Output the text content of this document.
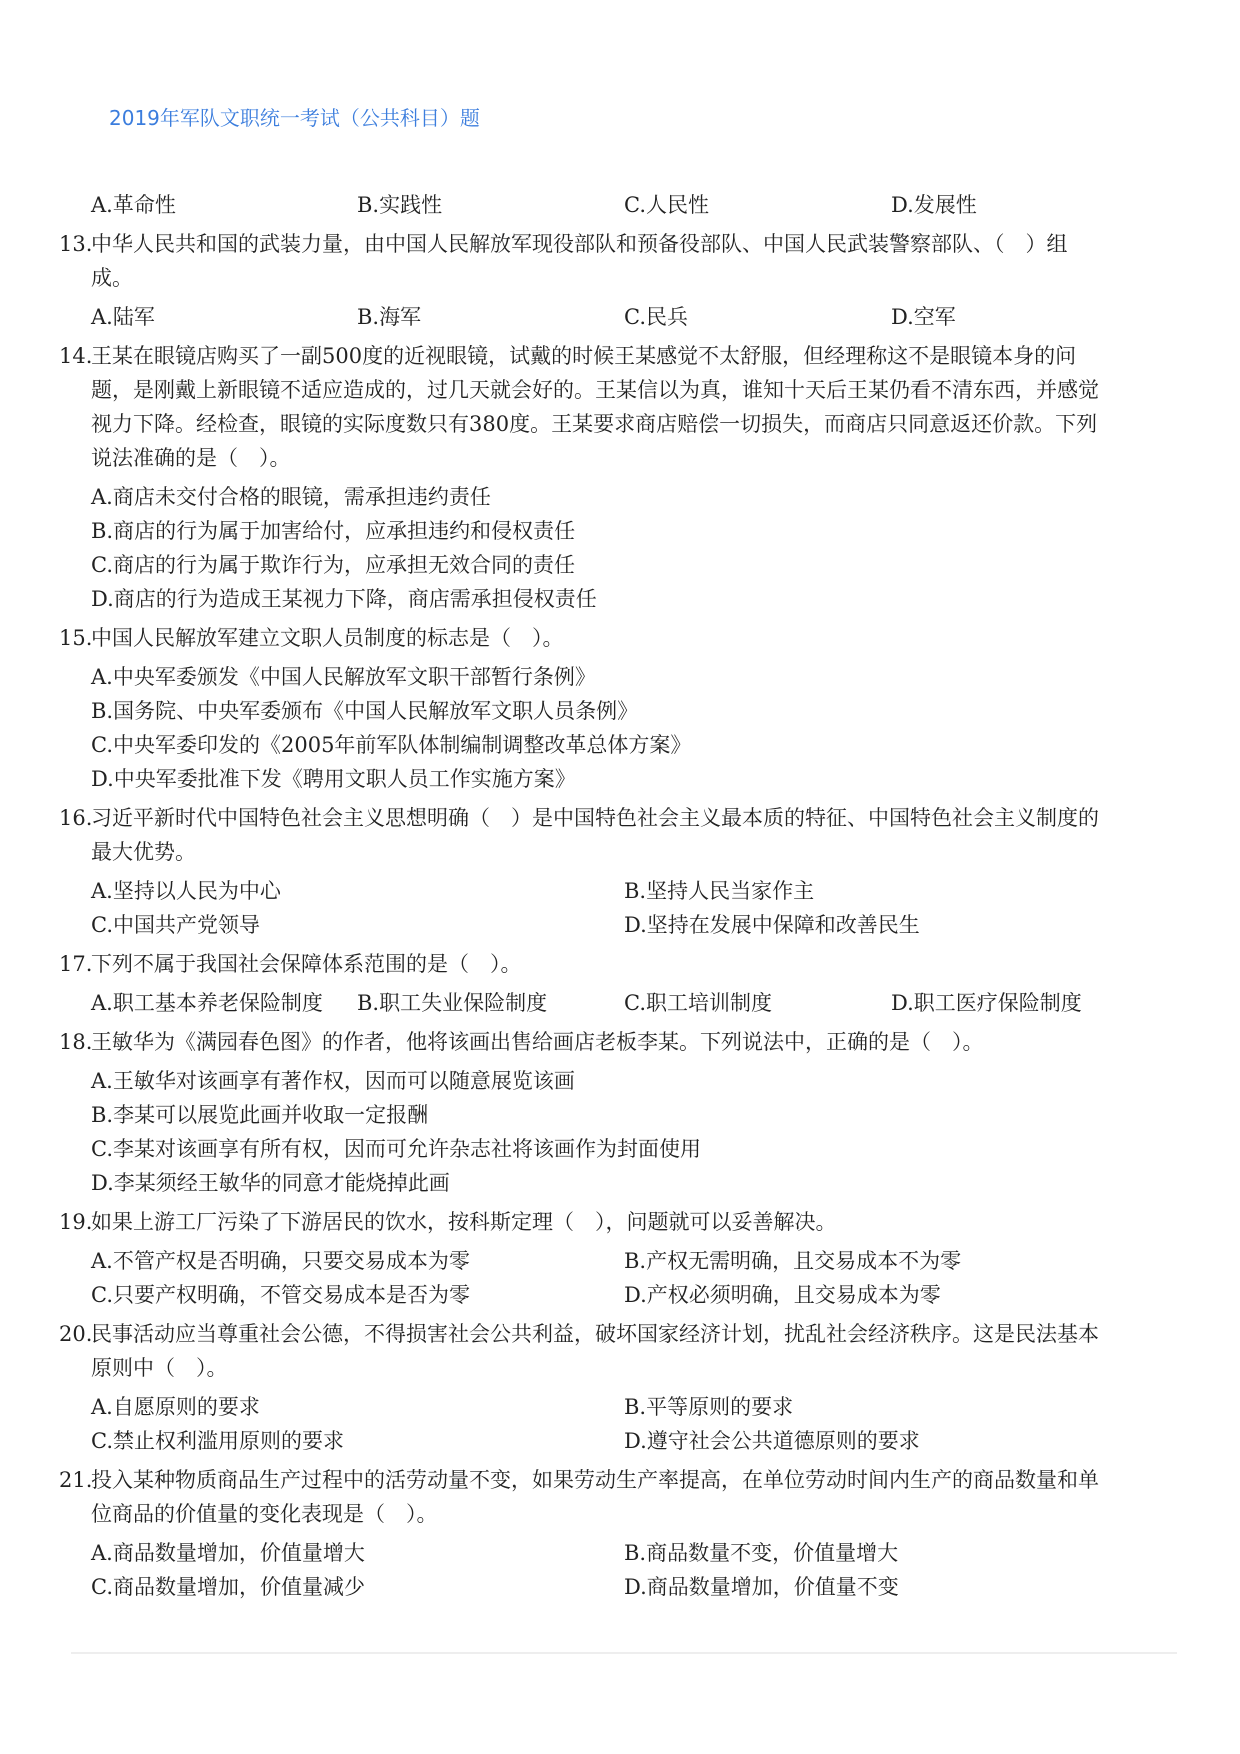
2019年军队文职统一考试（公共科目）题
A.革命性	B.实践性	C.人民性	D.发展性
13.
中华人民共和国的武装力量，由中国人民解放军现役部队和预备役部队、中国人民武装警察部队、（　）组
成。
A.陆军	B.海军	C.民兵	D.空军
14.
王某在眼镜店购买了一副500度的近视眼镜，试戴的时候王某感觉不太舒服，但经理称这不是眼镜本身的问
题，是刚戴上新眼镜不适应造成的，过几天就会好的。王某信以为真，谁知十天后王某仍看不清东西，并感觉
视力下降。经检查，眼镜的实际度数只有380度。王某要求商店赔偿一切损失，而商店只同意返还价款。下列
说法准确的是（　）。
A.商店未交付合格的眼镜，需承担违约责任
B.商店的行为属于加害给付，应承担违约和侵权责任
C.商店的行为属于欺诈行为，应承担无效合同的责任
D.商店的行为造成王某视力下降，商店需承担侵权责任
15.
中国人民解放军建立文职人员制度的标志是（　）。
A.中央军委颁发《中国人民解放军文职干部暂行条例》
B.国务院、中央军委颁布《中国人民解放军文职人员条例》
C.中央军委印发的《2005年前军队体制编制调整改革总体方案》
D.中央军委批准下发《聘用文职人员工作实施方案》
16.
习近平新时代中国特色社会主义思想明确（　）是中国特色社会主义最本质的特征、中国特色社会主义制度的
最大优势。
A.坚持以人民为中心	B.坚持人民当家作主
C.中国共产党领导	D.坚持在发展中保障和改善民生
17.
下列不属于我国社会保障体系范围的是（　）。
A.职工基本养老保险制度 B.职工失业保险制度	C.职工培训制度	D.职工医疗保险制度
18.
王敏华为《满园春色图》的作者，他将该画出售给画店老板李某。下列说法中，正确的是（　）。
A.王敏华对该画享有著作权，因而可以随意展览该画
B.李某可以展览此画并收取一定报酬
C.李某对该画享有所有权，因而可允许杂志社将该画作为封面使用
D.李某须经王敏华的同意才能烧掉此画
19.
如果上游工厂污染了下游居民的饮水，按科斯定理（　），问题就可以妥善解决。
A.不管产权是否明确，只要交易成本为零	B.产权无需明确，且交易成本不为零
C.只要产权明确，不管交易成本是否为零	D.产权必须明确，且交易成本为零
20.
民事活动应当尊重社会公德，不得损害社会公共利益，破坏国家经济计划，扰乱社会经济秩序。这是民法基本
原则中（　）。
A.自愿原则的要求	B.平等原则的要求
C.禁止权利滥用原则的要求	D.遵守社会公共道德原则的要求
21.
投入某种物质商品生产过程中的活劳动量不变，如果劳动生产率提高，在单位劳动时间内生产的商品数量和单
位商品的价值量的变化表现是（　）。
A.商品数量增加，价值量增大	B.商品数量不变，价值量增大
C.商品数量增加，价值量减少	D.商品数量增加，价值量不变
